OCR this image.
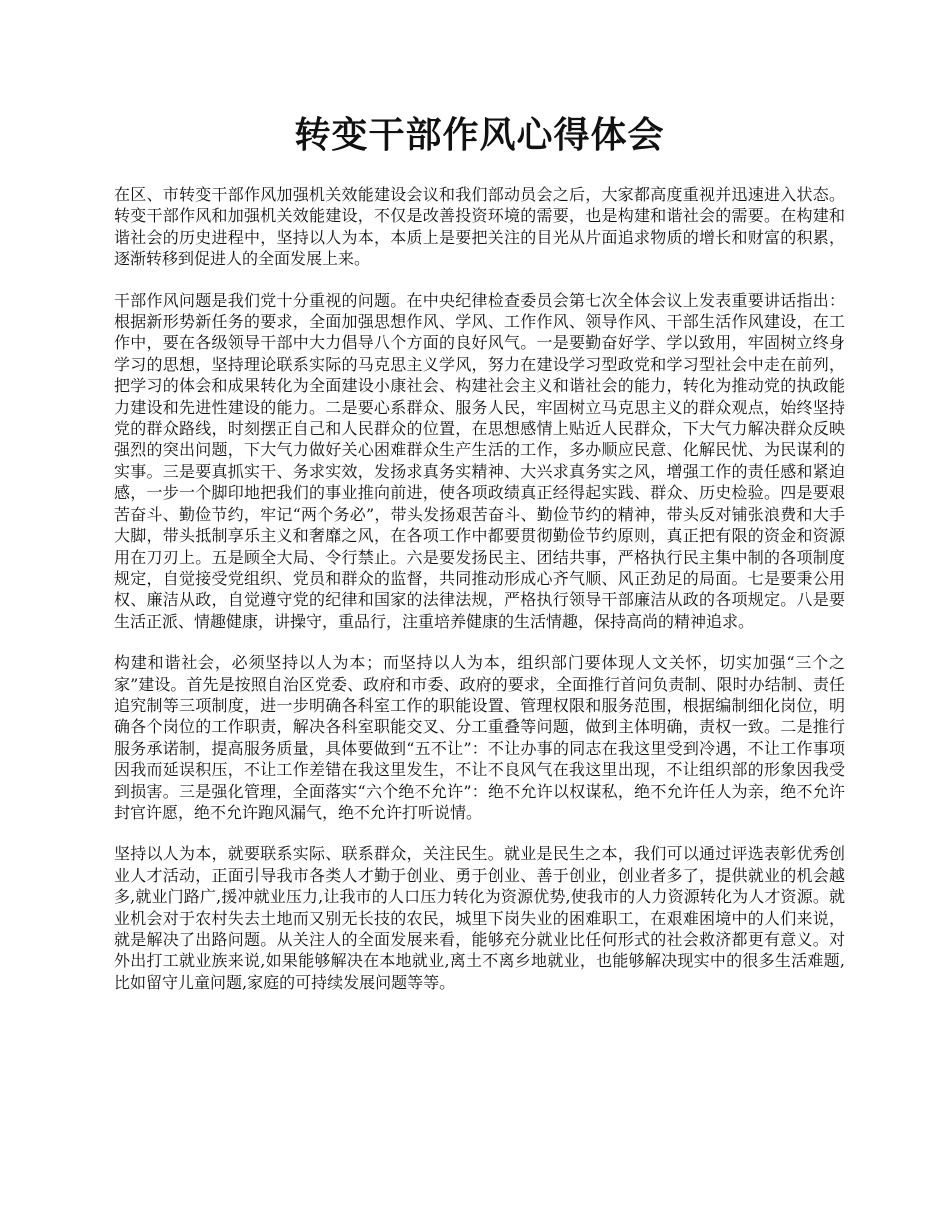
转变干部作风心得体会

在区、市转变干部作风加强机关效能建设会议和我们部动员会之后，大家都高度重视并迅速进入状态。转变干部作风和加强机关效能建设，不仅是改善投资环境的需要，也是构建和谐社会的需要。在构建和谐社会的历史进程中，坚持以人为本，本质上是要把关注的目光从片面追求物质的增长和财富的积累，逐渐转移到促进人的全面发展上来。

干部作风问题是我们党十分重视的问题。在中央纪律检查委员会第七次全体会议上发表重要讲话指出：根据新形势新任务的要求，全面加强思想作风、学风、工作作风、领导作风、干部生活作风建设，在工作中，要在各级领导干部中大力倡导八个方面的良好风气。一是要勤奋好学、学以致用，牢固树立终身学习的思想，坚持理论联系实际的马克思主义学风，努力在建设学习型政党和学习型社会中走在前列，把学习的体会和成果转化为全面建设小康社会、构建社会主义和谐社会的能力，转化为推动党的执政能力建设和先进性建设的能力。二是要心系群众、服务人民，牢固树立马克思主义的群众观点，始终坚持党的群众路线，时刻摆正自己和人民群众的位置，在思想感情上贴近人民群众，下大气力解决群众反映强烈的突出问题，下大气力做好关心困难群众生产生活的工作，多办顺应民意、化解民忧、为民谋利的实事。三是要真抓实干、务求实效，发扬求真务实精神、大兴求真务实之风，增强工作的责任感和紧迫感，一步一个脚印地把我们的事业推向前进，使各项政绩真正经得起实践、群众、历史检验。四是要艰苦奋斗、勤俭节约，牢记“两个务必”，带头发扬艰苦奋斗、勤俭节约的精神，带头反对铺张浪费和大手大脚，带头抵制享乐主义和奢靡之风，在各项工作中都要贯彻勤俭节约原则，真正把有限的资金和资源用在刀刃上。五是顾全大局、令行禁止。六是要发扬民主、团结共事，严格执行民主集中制的各项制度规定，自觉接受党组织、党员和群众的监督，共同推动形成心齐气顺、风正劲足的局面。七是要秉公用权、廉洁从政，自觉遵守党的纪律和国家的法律法规，严格执行领导干部廉洁从政的各项规定。八是要生活正派、情趣健康，讲操守，重品行，注重培养健康的生活情趣，保持高尚的精神追求。

构建和谐社会，必须坚持以人为本；而坚持以人为本，组织部门要体现人文关怀，切实加强“三个之家”建设。首先是按照自治区党委、政府和市委、政府的要求，全面推行首问负责制、限时办结制、责任追究制等三项制度，进一步明确各科室工作的职能设置、管理权限和服务范围，根据编制细化岗位，明确各个岗位的工作职责，解决各科室职能交叉、分工重叠等问题，做到主体明确，责权一致。二是推行服务承诺制，提高服务质量，具体要做到“五不让”：不让办事的同志在我这里受到冷遇，不让工作事项因我而延误积压，不让工作差错在我这里发生，不让不良风气在我这里出现，不让组织部的形象因我受到损害。三是强化管理，全面落实“六个绝不允许”：绝不允许以权谋私，绝不允许任人为亲，绝不允许封官许愿，绝不允许跑风漏气，绝不允许打听说情。

坚持以人为本，就要联系实际、联系群众，关注民生。就业是民生之本，我们可以通过评选表彰优秀创业人才活动，正面引导我市各类人才勤于创业、勇于创业、善于创业，创业者多了，提供就业的机会越多,就业门路广,援冲就业压力,让我市的人口压力转化为资源优势,使我市的人力资源转化为人才资源。就业机会对于农村失去土地而又别无长技的农民，城里下岗失业的困难职工，在艰难困境中的人们来说，就是解决了出路问题。从关注人的全面发展来看，能够充分就业比任何形式的社会救济都更有意义。对外出打工就业族来说,如果能够解决在本地就业,离土不离乡地就业，也能够解决现实中的很多生活难题,比如留守儿童问题,家庭的可持续发展问题等等。
